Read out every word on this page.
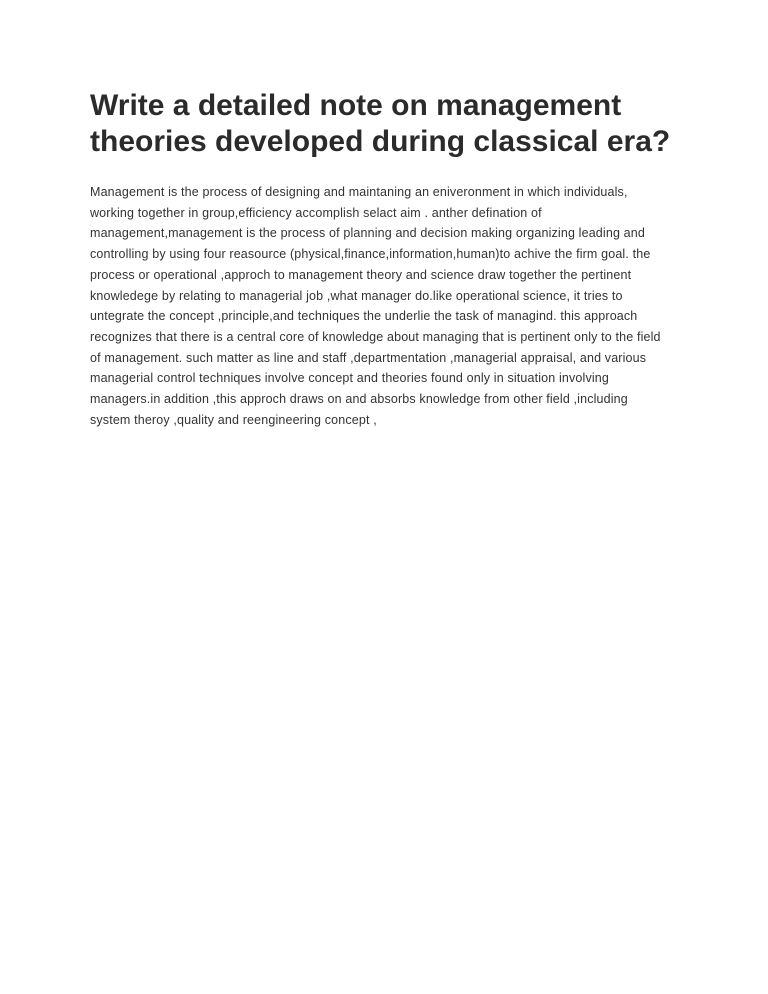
Write a detailed note on management
theories developed during classical era?

Management is the process of designing and maintaning an eniveronment in which individuals,
working together in group,efficiency accomplish selact aim . anther defination of
management,management is the process of planning and decision making organizing leading and
controlling by using four reasource (physical,finance,information,human)to achive the firm goal. the
process or operational ,approch to management theory and science draw together the pertinent
knowledege by relating to managerial job ,what manager do.like operational science, it tries to
untegrate the concept ,principle,and techniques the underlie the task of managind. this approach
recognizes that there is a central core of knowledge about managing that is pertinent only to the field
of management. such matter as line and staff ,departmentation ,managerial appraisal, and various
managerial control techniques involve concept and theories found only in situation involving
managers.in addition ,this approch draws on and absorbs knowledge from other field ,including
system theroy ,quality and reengineering concept ,
